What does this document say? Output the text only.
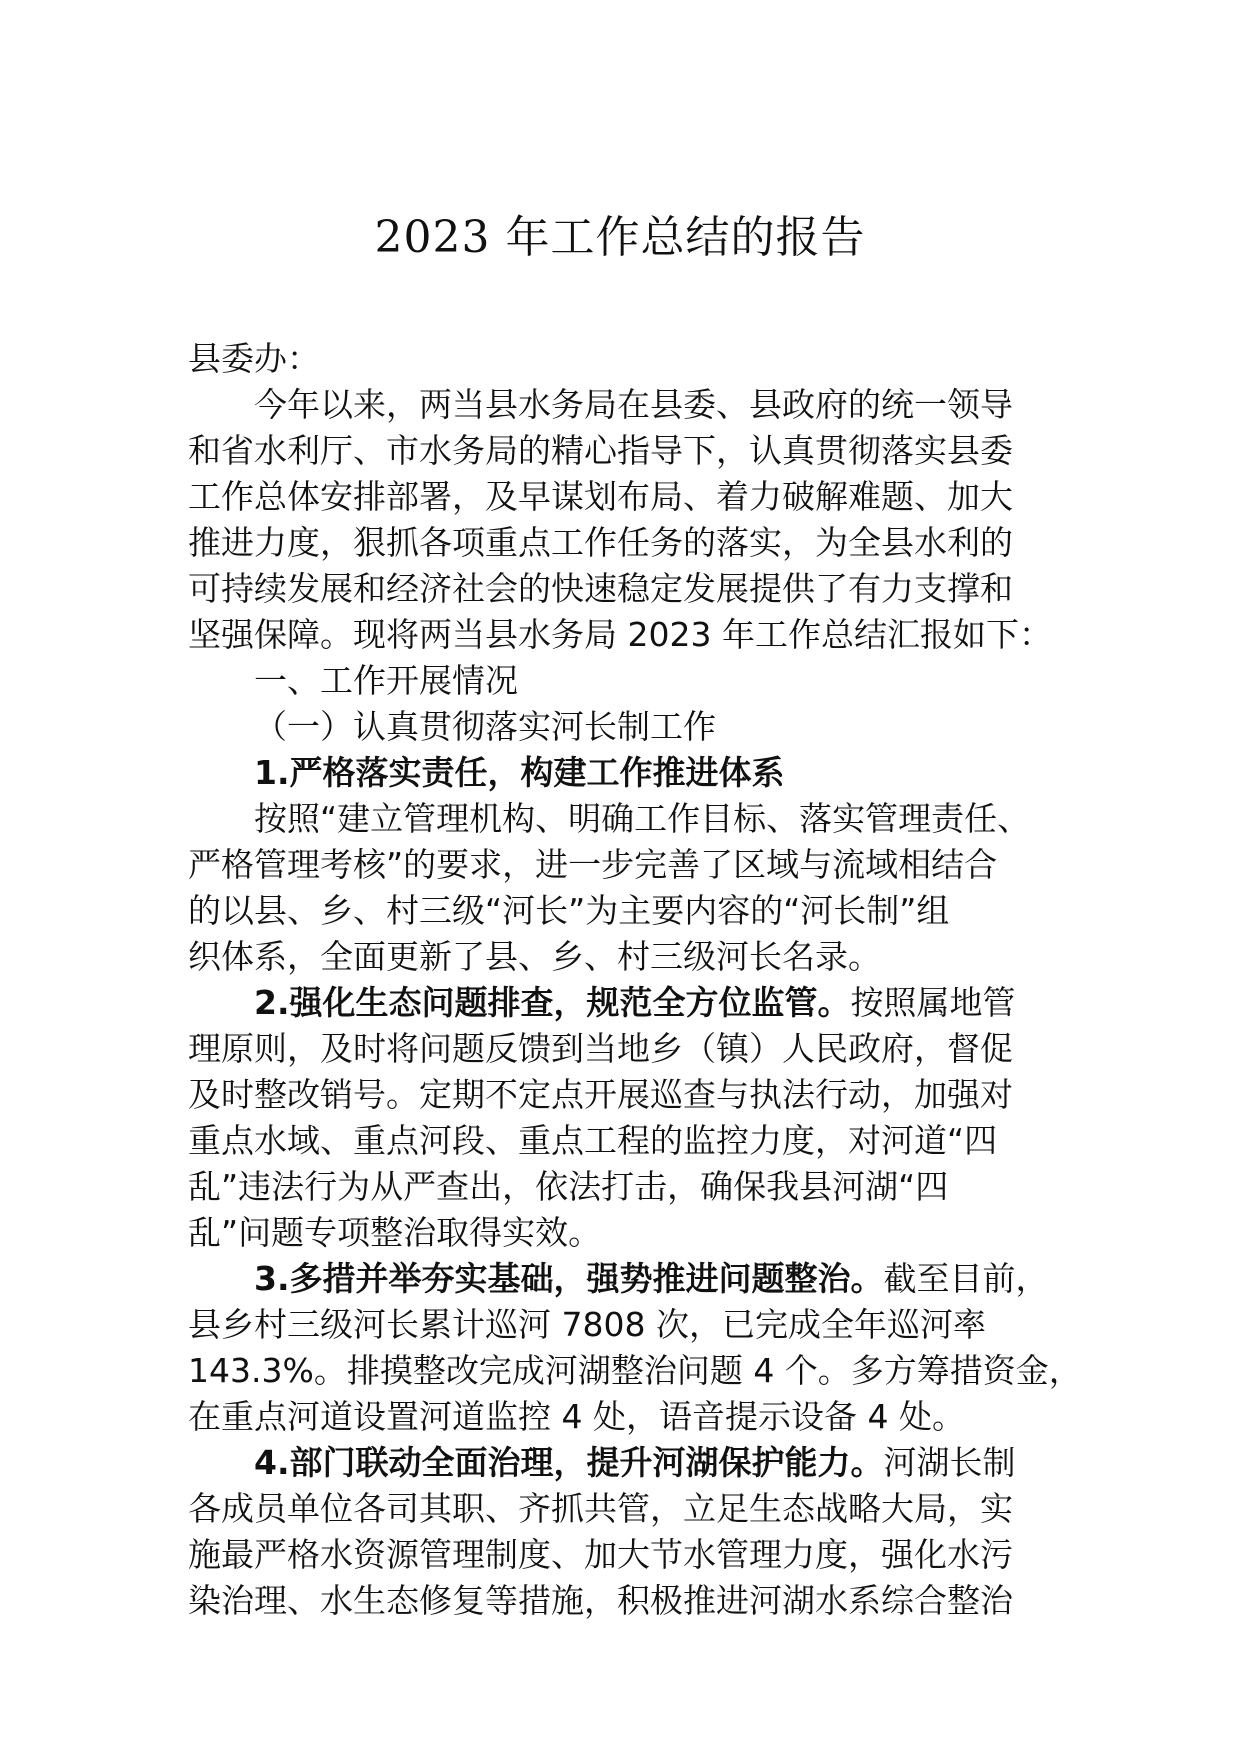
2023 年工作总结的报告
县委办：
今年以来，两当县水务局在县委、县政府的统一领导
和省水利厅、市水务局的精心指导下，认真贯彻落实县委
工作总体安排部署，及早谋划布局、着力破解难题、加大
推进力度，狠抓各项重点工作任务的落实，为全县水利的
可持续发展和经济社会的快速稳定发展提供了有力支撑和
坚强保障。现将两当县水务局 2023 年工作总结汇报如下：
一、工作开展情况
（一）认真贯彻落实河长制工作
1.严格落实责任，构建工作推进体系
按照“建立管理机构、明确工作目标、落实管理责任、
严格管理考核”的要求，进一步完善了区域与流域相结合
的以县、乡、村三级“河长”为主要内容的“河长制”组
织体系，全面更新了县、乡、村三级河长名录。
2.强化生态问题排查，规范全方位监管。按照属地管
理原则，及时将问题反馈到当地乡（镇）人民政府，督促
及时整改销号。定期不定点开展巡查与执法行动，加强对
重点水域、重点河段、重点工程的监控力度，对河道“四
乱”违法行为从严查出，依法打击，确保我县河湖“四
乱”问题专项整治取得实效。
3.多措并举夯实基础，强势推进问题整治。截至目前，
县乡村三级河长累计巡河 7808 次，已完成全年巡河率
143.3%。排摸整改完成河湖整治问题 4 个。多方筹措资金，
在重点河道设置河道监控 4 处，语音提示设备 4 处。
4.部门联动全面治理，提升河湖保护能力。河湖长制
各成员单位各司其职、齐抓共管，立足生态战略大局，实
施最严格水资源管理制度、加大节水管理力度，强化水污
染治理、水生态修复等措施，积极推进河湖水系综合整治
